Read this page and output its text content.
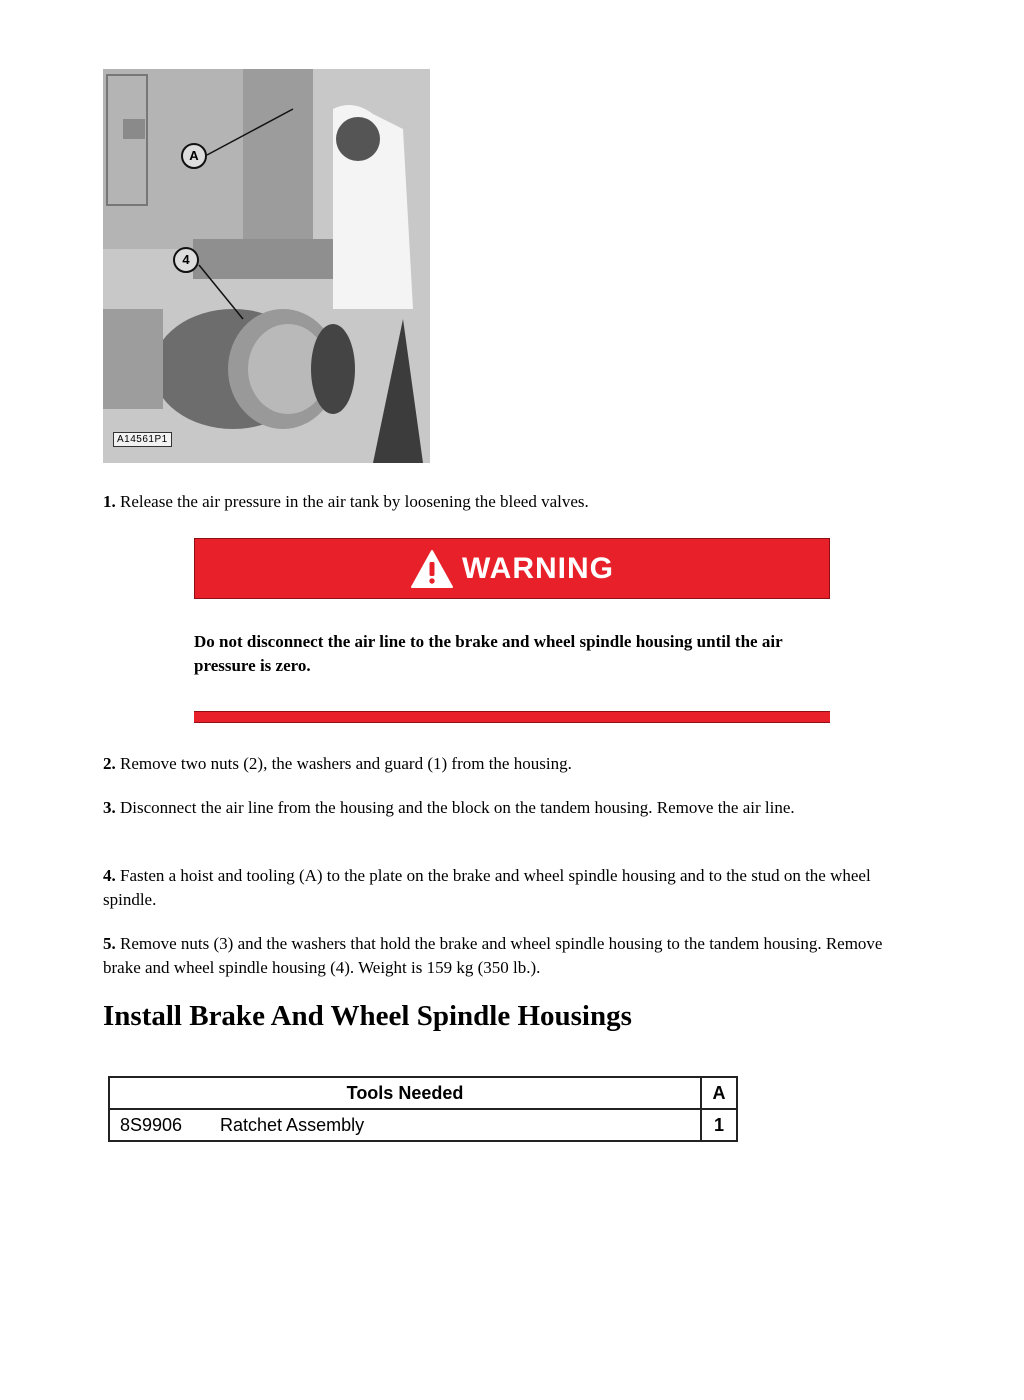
A
4
A14561P1

1. Release the air pressure in the air tank by loosening the bleed valves.

WARNING

Do not disconnect the air line to the brake and wheel spindle housing until the air pressure is zero.

2. Remove two nuts (2), the washers and guard (1) from the housing.

3. Disconnect the air line from the housing and the block on the tandem housing. Remove the air line.

4. Fasten a hoist and tooling (A) to the plate on the brake and wheel spindle housing and to the stud on the wheel spindle.

5. Remove nuts (3) and the washers that hold the brake and wheel spindle housing to the tandem housing. Remove brake and wheel spindle housing (4). Weight is 159 kg (350 lb.).

Install Brake And Wheel Spindle Housings
Tools Needed	A
8S9906 Ratchet Assembly	1
